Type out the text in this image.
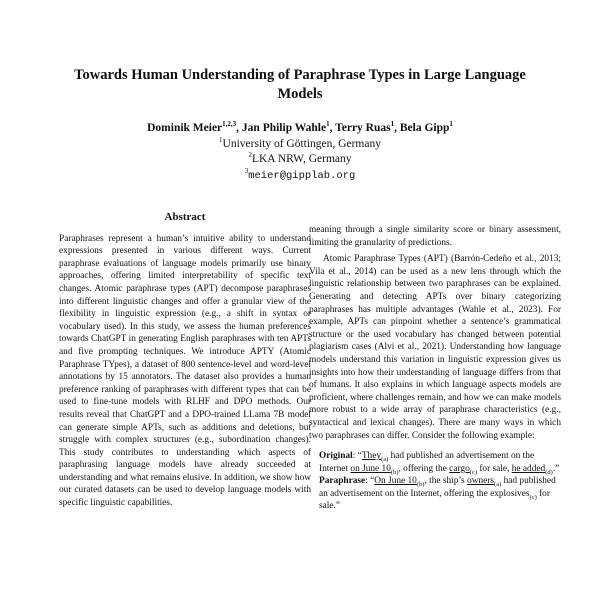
Towards Human Understanding of Paraphrase Types in Large Language Models
Dominik Meier$^{1,2,3}$, Jan Philip Wahle$^1$, Terry Ruas$^1$, Bela Gipp$^1$
$^1$University of Göttingen, Germany
$^2$LKA NRW, Germany
$^3$meier@gipplab.org
Abstract

Paraphrases represent a human’s intuitive ability to understand expressions presented in various different ways. Current paraphrase evaluations of language models primarily use binary approaches, offering limited interpretability of specific text changes. Atomic paraphrase types (APT) decompose paraphrases into different linguistic changes and offer a granular view of the flexibility in linguistic expression (e.g., a shift in syntax or vocabulary used). In this study, we assess the human preferences towards ChatGPT in generating English paraphrases with ten APTs and five prompting techniques. We introduce APTY (Atomic Paraphrase TYpes), a dataset of 800 sentence-level and word-level annotations by 15 annotators. The dataset also provides a human preference ranking of paraphrases with different types that can be used to fine-tune models with RLHF and DPO methods. Our results reveal that ChatGPT and a DPO-trained LLama 7B model can generate simple APTs, such as additions and deletions, but struggle with complex structures (e.g., subordination changes). This study contributes to understanding which aspects of paraphrasing language models have already succeeded at understanding and what remains elusive. In addition, we show how our curated datasets can be used to develop language models with specific linguistic capabilities.

meaning through a single similarity score or binary assessment, limiting the granularity of predictions.

Atomic Paraphrase Types (APT) (Barrón-Cedeño et al., 2013; Vila et al., 2014) can be used as a new lens through which the linguistic relationship between two paraphrases can be explained. Generating and detecting APTs over binary categorizing paraphrases has multiple advantages (Wahle et al., 2023). For example, APTs can pinpoint whether a sentence’s grammatical structure or the used vocabulary has changed between potential plagiarism cases (Alvi et al., 2021). Understanding how language models understand this variation in linguistic expression gives us insights into how their understanding of language differs from that of humans. It also explains in which language aspects models are proficient, where challenges remain, and how we can make models more robust to a wide array of paraphrase characteristics (e.g., syntactical and lexical changes). There are many ways in which two paraphrases can differ. Consider the following example:

Original: “They$_{(a)}$ had published an advertisement on the Internet on June $10_{(b)}$, offering the cargo$_{(c)}$ for sale, he added$_{(d)}$.”
Paraphrase: “On June $10_{(b)}$, the ship’s owners$_{(a)}$ had published an advertisement on the Internet, offering the explosives$_{(c)}$ for sale.”
